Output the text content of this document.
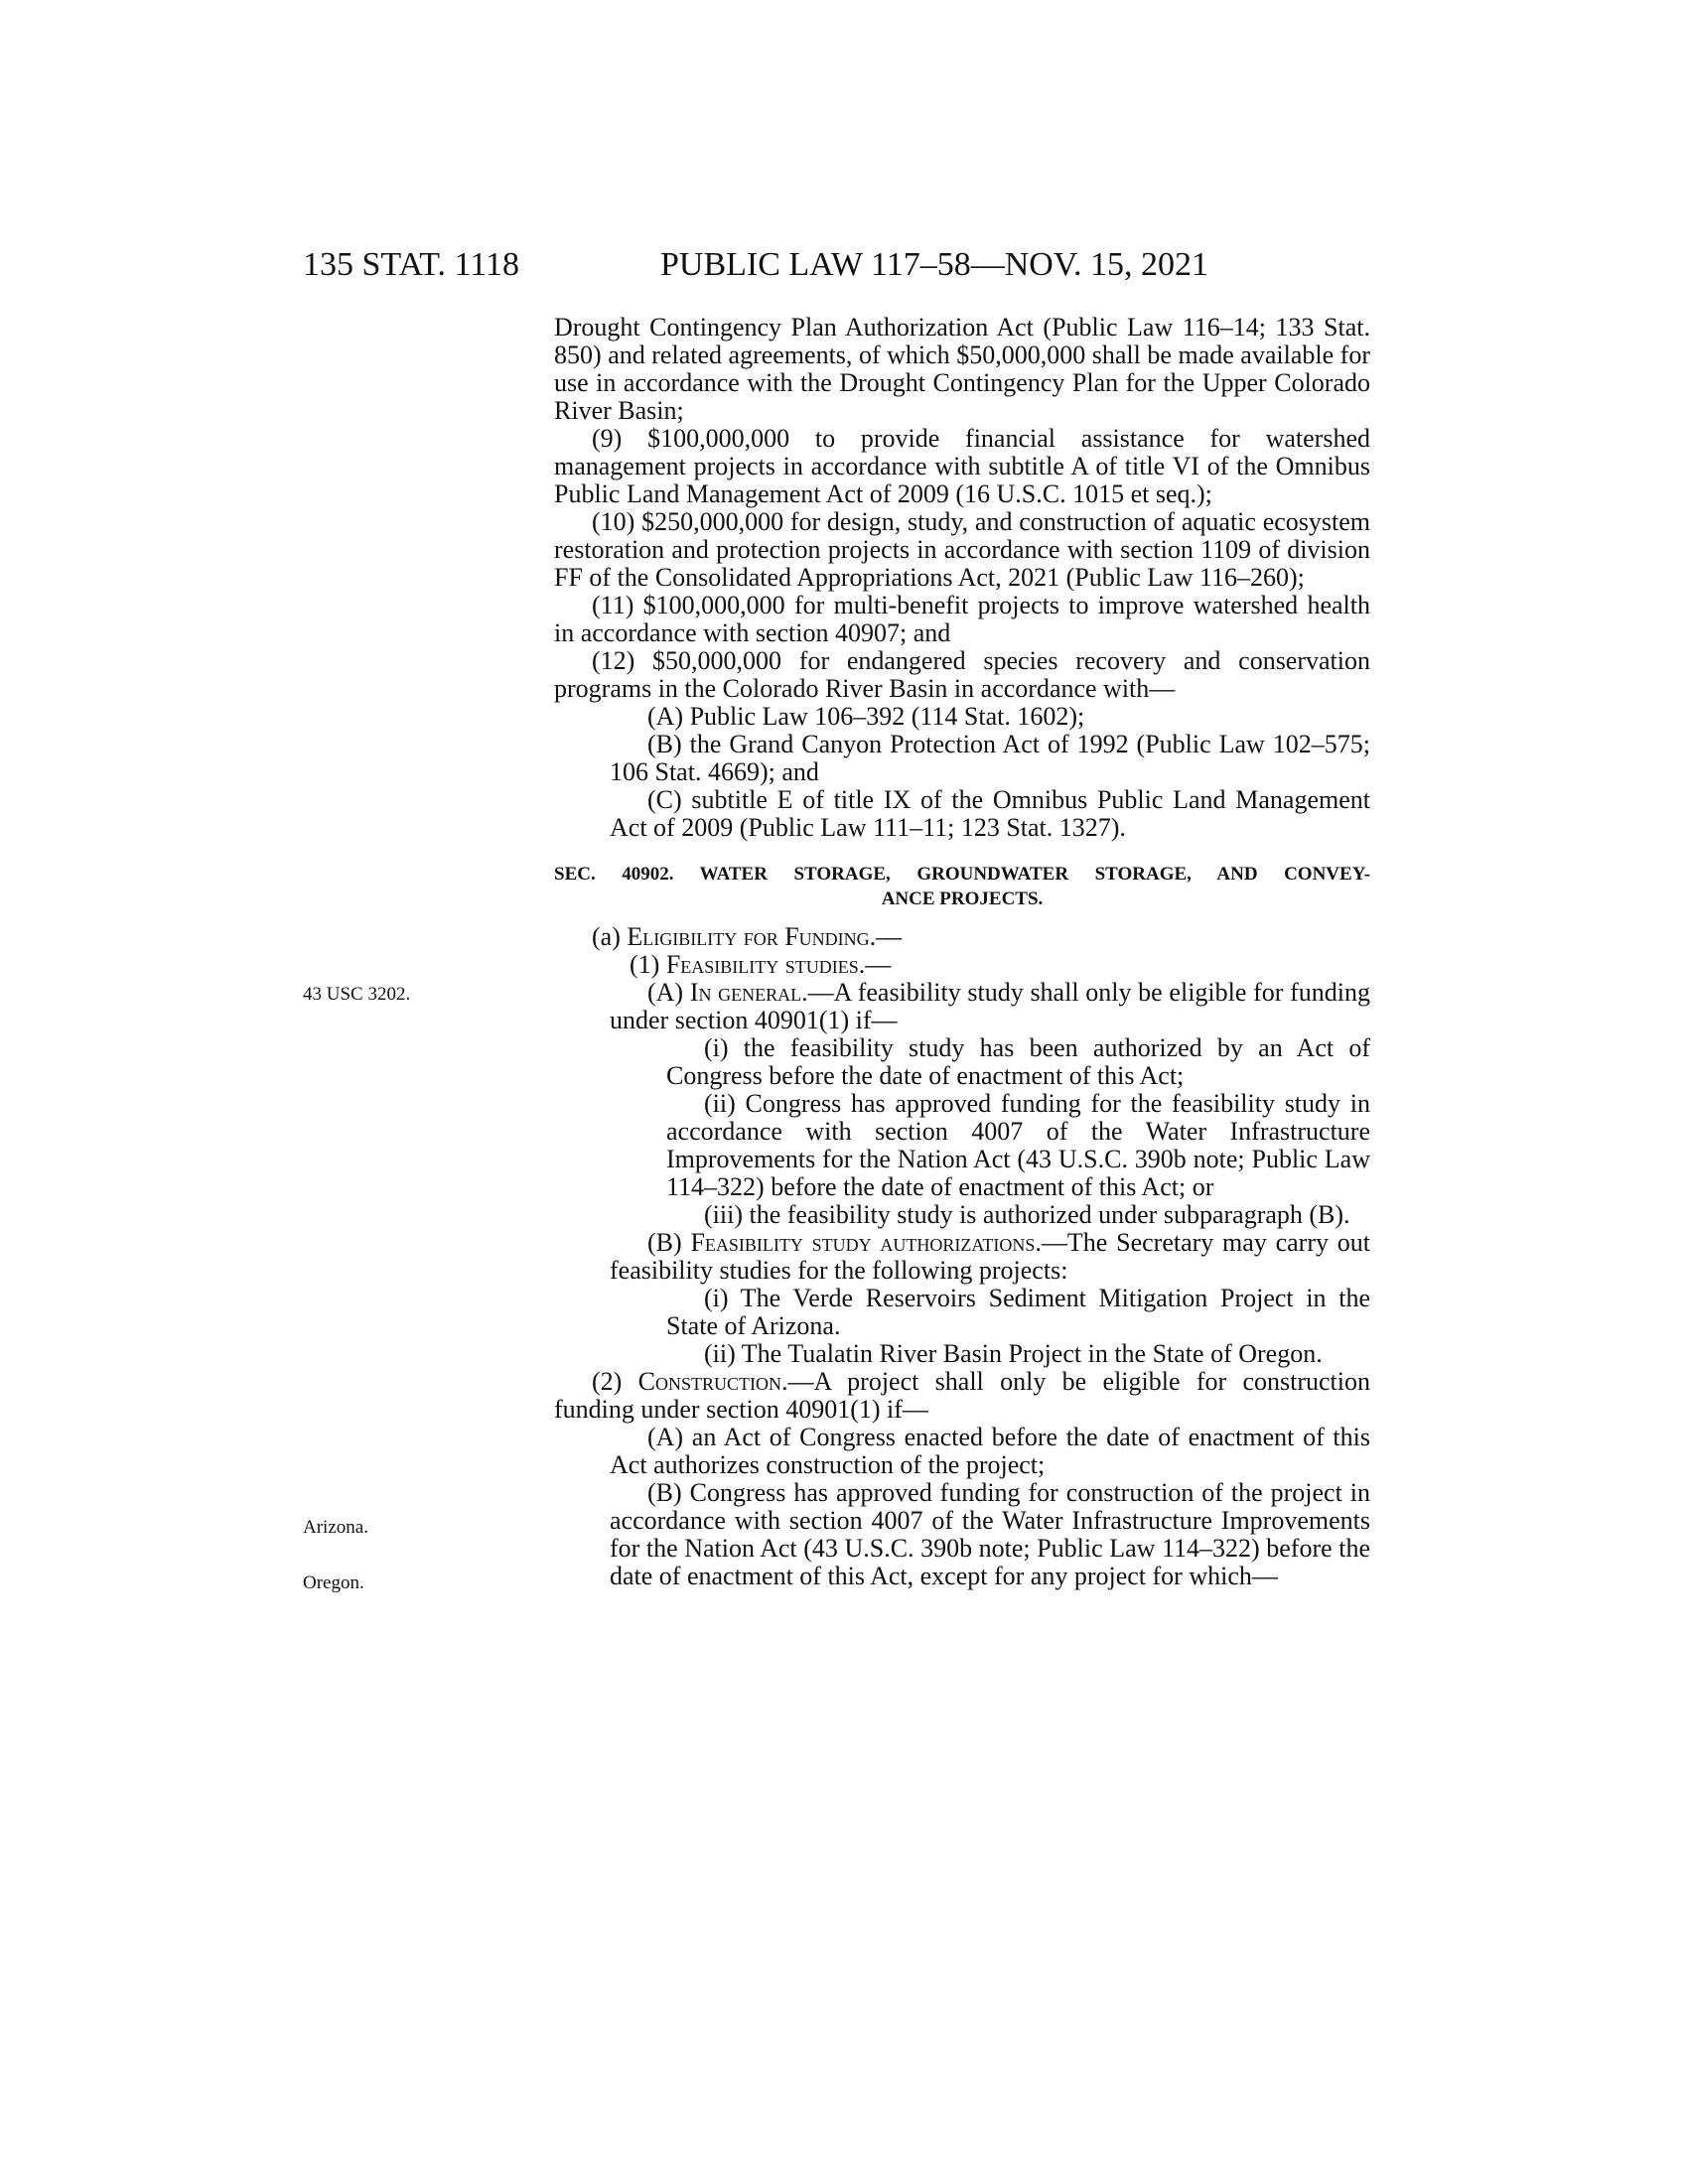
135 STAT. 1118	PUBLIC LAW 117–58—NOV. 15, 2021
43 USC 3202.
Arizona.
Oregon.

Drought Contingency Plan Authorization Act (Public Law 116–14; 133 Stat. 850) and related agreements, of which $50,000,000 shall be made available for use in accordance with the Drought Contingency Plan for the Upper Colorado River Basin;

(9) $100,000,000 to provide financial assistance for watershed management projects in accordance with subtitle A of title VI of the Omnibus Public Land Management Act of 2009 (16 U.S.C. 1015 et seq.);

(10) $250,000,000 for design, study, and construction of aquatic ecosystem restoration and protection projects in accordance with section 1109 of division FF of the Consolidated Appropriations Act, 2021 (Public Law 116–260);

(11) $100,000,000 for multi-benefit projects to improve watershed health in accordance with section 40907; and

(12) $50,000,000 for endangered species recovery and conservation programs in the Colorado River Basin in accordance with—

(A) Public Law 106–392 (114 Stat. 1602);

(B) the Grand Canyon Protection Act of 1992 (Public Law 102–575; 106 Stat. 4669); and

(C) subtitle E of title IX of the Omnibus Public Land Management Act of 2009 (Public Law 111–11; 123 Stat. 1327).

SEC. 40902. WATER STORAGE, GROUNDWATER STORAGE, AND CONVEY-
ANCE PROJECTS.

(a) Eligibility for Funding.—

(1) Feasibility studies.—

(A) In general.—A feasibility study shall only be eligible for funding under section 40901(1) if—

(i) the feasibility study has been authorized by an Act of Congress before the date of enactment of this Act;

(ii) Congress has approved funding for the feasibility study in accordance with section 4007 of the Water Infrastructure Improvements for the Nation Act (43 U.S.C. 390b note; Public Law 114–322) before the date of enactment of this Act; or

(iii) the feasibility study is authorized under subparagraph (B).

(B) Feasibility study authorizations.—The Secretary may carry out feasibility studies for the following projects:

(i) The Verde Reservoirs Sediment Mitigation Project in the State of Arizona.

(ii) The Tualatin River Basin Project in the State of Oregon.

(2) Construction.—A project shall only be eligible for construction funding under section 40901(1) if—

(A) an Act of Congress enacted before the date of enactment of this Act authorizes construction of the project;

(B) Congress has approved funding for construction of the project in accordance with section 4007 of the Water Infrastructure Improvements for the Nation Act (43 U.S.C. 390b note; Public Law 114–322) before the date of enactment of this Act, except for any project for which—
